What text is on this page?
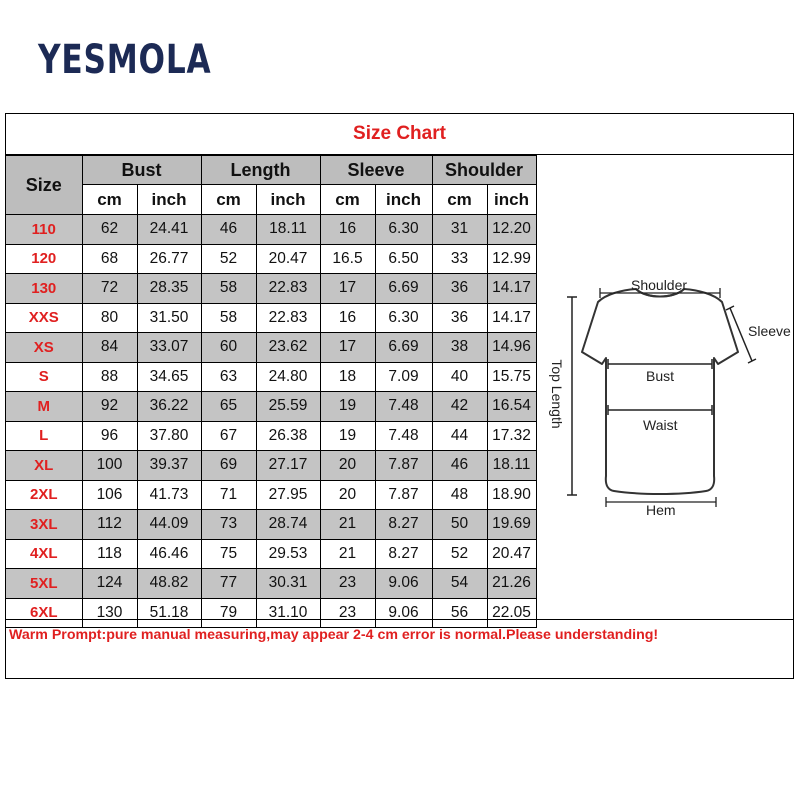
YESMOLA
Size Chart
Size	Bust		Length		Sleeve		Shoulder	
	cm	inch	cm	inch	cm	inch	cm	inch
110	62	24.41	46	18.11	16	6.30	31	12.20
120	68	26.77	52	20.47	16.5	6.50	33	12.99
130	72	28.35	58	22.83	17	6.69	36	14.17
XXS	80	31.50	58	22.83	16	6.30	36	14.17
XS	84	33.07	60	23.62	17	6.69	38	14.96
S	88	34.65	63	24.80	18	7.09	40	15.75
M	92	36.22	65	25.59	19	7.48	42	16.54
L	96	37.80	67	26.38	19	7.48	44	17.32
XL	100	39.37	69	27.17	20	7.87	46	18.11
2XL	106	41.73	71	27.95	20	7.87	48	18.90
3XL	112	44.09	73	28.74	21	8.27	50	19.69
4XL	118	46.46	75	29.53	21	8.27	52	20.47
5XL	124	48.82	77	30.31	23	9.06	54	21.26
6XL	130	51.18	79	31.10	23	9.06	56	22.05
Shoulder
Sleeve
Top Length	Bust
Waist
Hem
Warm Prompt:pure manual measuring,may appear 2-4 cm error is normal.Please understanding!
